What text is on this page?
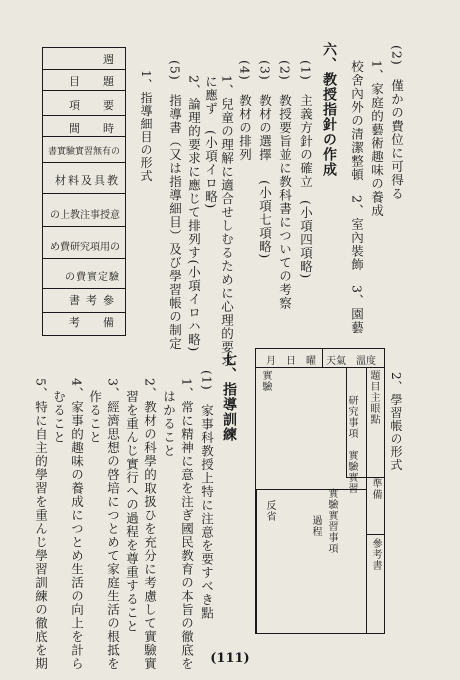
(2)　僅かの費位に可得る
1、家庭的藝術趣味の養成
校舍內外の清潔整頓　2、室內裝飾　3、園藝
六、教授指針の作成
(1)　主義方針の確立
(小項四項略)
(2)　教授要旨並に教科書についての考察
(小項七項略)
(3)　教材の選擇
(4)　教材の排列
1、兒童の理解に適合せしむるために心理的要求
に應ず
(小項イロ略)
2、論理的要求に應じて排列す(小項イロハ略)
(5)　指導書（又は指導細目）及び學習帳の制定
1、指導細目の形式
週
目　題
項　要
間　時
書實驗實習無有の
材料及具教
の上教注事授意
め費研究項用の
の費實定驗
書考參
考　備
2、學習帳の形式
月　日　曜　天氣　溫度
題目主眼點
準備
參考書
研究事項
實驗實習
實驗實習事項
過程
反省
實驗
七、指導訓練
(1)　家事科教授上特に注意を要すべき點
1、常に精神に意を注ぎ國民教育の本旨の徹底を
はかること
2、教材の科學的取扱ひを充分に考慮して實驗實
習を重んじ實行への過程を尊重すること
3、經濟思想の啓培につとめて家庭生活の根抵を
作ること
4、家事的趣味の養成につとめ生活の向上を計ら
むること
5、特に自主的學習を重んじ學習訓練の徹底を期	(111)
